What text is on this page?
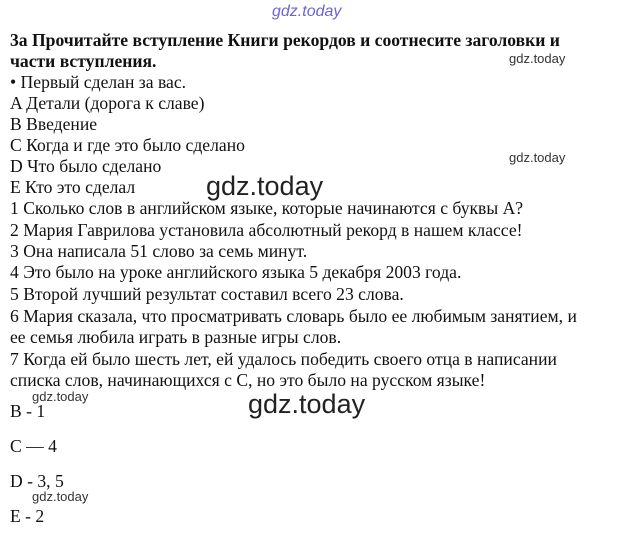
gdz.today
gdz.today
gdz.today
gdz.today
gdz.today
gdz.today
gdz.today
3a Прочитайте вступление Книги рекордов и соотнесите заголовки и
части вступления.
• Первый сделан за вас.
A Детали (дорога к славе)
B Введение
C Когда и где это было сделано
D Что было сделано
E Кто это сделал
1 Сколько слов в английском языке, которые начинаются с буквы А?
2 Мария Гаврилова установила абсолютный рекорд в нашем классе!
3 Она написала 51 слово за семь минут.
4 Это было на уроке английского языка 5 декабря 2003 года.
5 Второй лучший результат составил всего 23 слова.
6 Мария сказала, что просматривать словарь было ее любимым занятием, и
ее семья любила играть в разные игры слов.
7 Когда ей было шесть лет, ей удалось победить своего отца в написании
списка слов, начинающихся с С, но это было на русском языке!
B - 1
C — 4
D - 3, 5
E - 2
